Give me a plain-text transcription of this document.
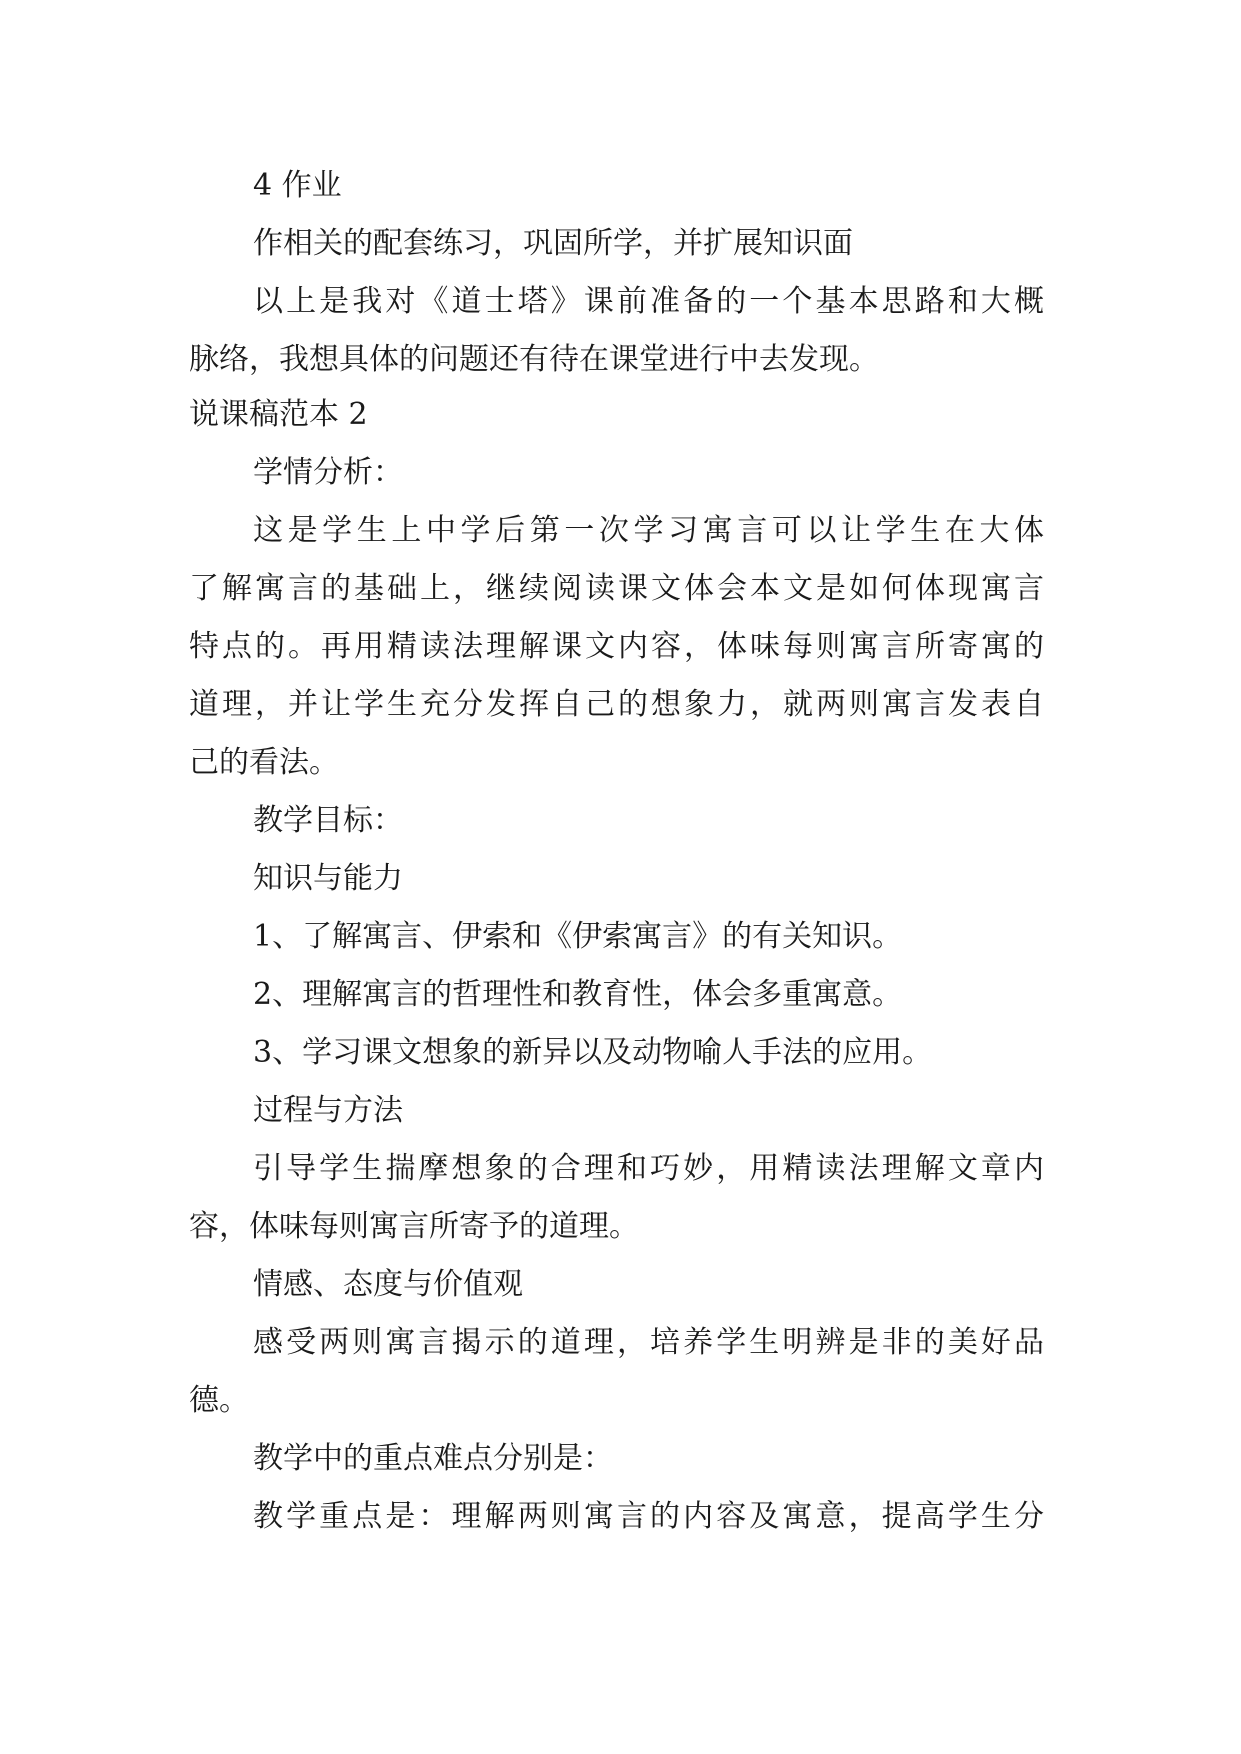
4 作业
作相关的配套练习，巩固所学，并扩展知识面
以上是我对《道士塔》课前准备的一个基本思路和大概
脉络，我想具体的问题还有待在课堂进行中去发现。
说课稿范本 2
学情分析：
这是学生上中学后第一次学习寓言可以让学生在大体
了解寓言的基础上，继续阅读课文体会本文是如何体现寓言
特点的。再用精读法理解课文内容，体味每则寓言所寄寓的
道理，并让学生充分发挥自己的想象力，就两则寓言发表自
己的看法。
教学目标：
知识与能力
1、了解寓言、伊索和《伊索寓言》的有关知识。
2、理解寓言的哲理性和教育性，体会多重寓意。
3、学习课文想象的新异以及动物喻人手法的应用。
过程与方法
引导学生揣摩想象的合理和巧妙，用精读法理解文章内
容，体味每则寓言所寄予的道理。
情感、态度与价值观
感受两则寓言揭示的道理，培养学生明辨是非的美好品
德。
教学中的重点难点分别是：
教学重点是：理解两则寓言的内容及寓意，提高学生分
